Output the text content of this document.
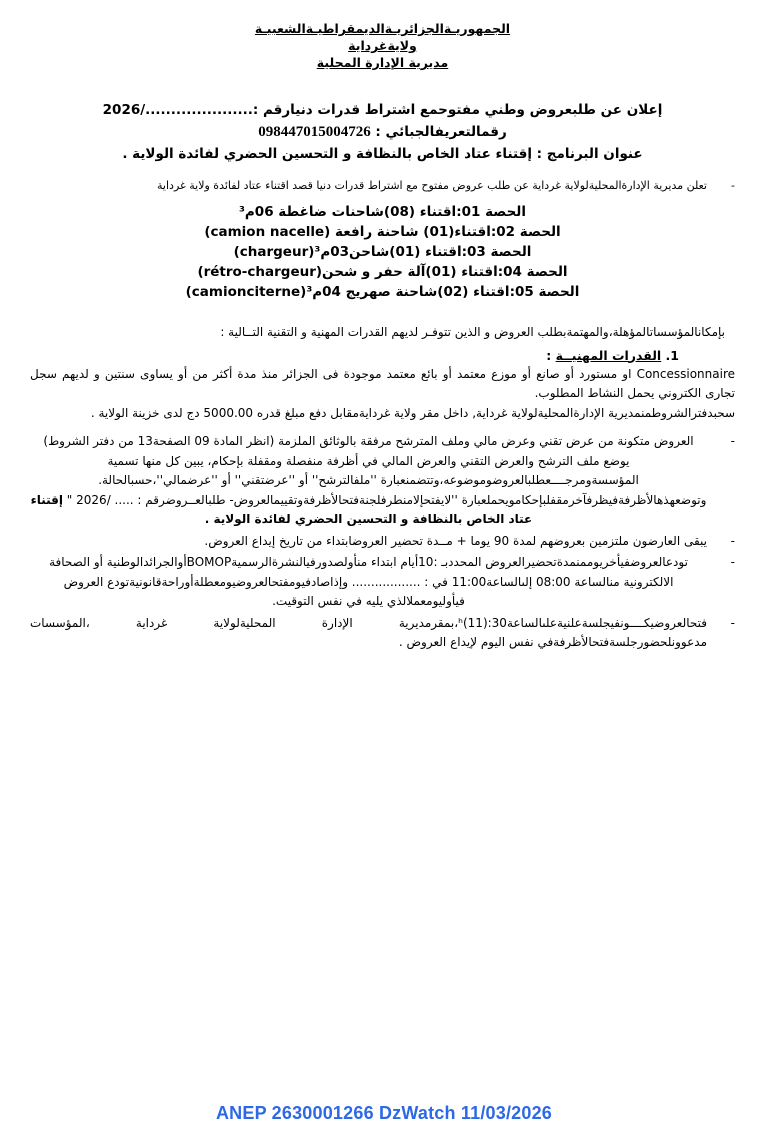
الجمهوريـةالجزائريـةالديمقراطيـةالشعبيـة
ولايةغرداية
مديرية الإدارة المحلية
إعلان عن طلبعروض وطني مفتوحمع اشتراط قدرات دنيارقم :...................../2026
رقمالتعريفالجبائي : 098447015004726
عنوان البرنامج : إقتناء عتاد الخاص بالنظافة و التحسين الحضري لفائدة الولاية .
-
تعلن مديرية الإدارةالمحليةلولاية غرداية عن طلب عروض مفتوح مع اشتراط قدرات دنيا قصد اقتناء عتاد لفائدة ولاية غرداية
الحصة 01:اقتناء (08)شاحنات ضاغطة 06م³
الحصة 02:اقتناء(01) شاحنة رافعة (camion nacelle)
الحصة 03:اقتناء (01)شاحن03م³(chargeur)
الحصة 04:اقتناء (01)آلة حفر و شحن(rétro-chargeur)
الحصة 05:اقتناء (02)شاحنة صهريج 04م³(camionciterne)
بإمكانالمؤسساتالمؤهلة،والمهتمةبطلب العروض و الذين تتوفـر لديهم القدرات المهنية و التقنية التــالية :
1. القدرات المهنيــة :
Concessionnaire او مستورد أو صانع أو موزع معتمد أو بائع معتمد موجودة فى الجزائر منذ مدة أكثر من أو يساوى سنتين و لديهم سجل تجارى الكتروني يحمل النشاط المطلوب.
سحبدفترالشروطمنمديرية الإدارةالمحليةلولاية غرداية, داخل مقر ولاية غردايةمقابل دفع مبلغ قدره 5000.00 دج لدى خزينة الولاية .
-
العروض متكونة من عرض تقني وعرض مالي وملف المترشح مرفقة بالوثائق الملزمة (انظر المادة 09 الصفحة13 من دفتر الشروط) يوضع ملف الترشح والعرض التقني والعرض المالي في أظرفة منفصلة ومقفلة بإحكام، يبين كل منها تسمية المؤسسةومرجــــعطلبالعروضوموضوعه،وتتضمنعبارة ''ملفالترشح'' أو ''عرضتقني'' أو ''عرضمالي''،حسبالحالة. وتوضعهذهالأظرفةفيظرفآخرمقفلبإحكامويحملعبارة ''لايفتحإلامنطرفلجنةفتحالأظرفةوتقييمالعروض- طلبالعــروضرقم : ..... /2026 " إقتناء عتاد الخاص بالنظافة و التحسين الحضري لفائدة الولاية .
-
يبقى العارضون ملتزمين بعروضهم لمدة 90 يوما + مــدة تحضير العروضابتداء من تاريخ إيداع العروض.
-
تودعالعروضفيأخريوممنمدةتحضيرالعروض المحددبـ :10أيام ابتداء منأولصدورفيالنشرةالرسميةBOMOPأوالجرائدالوطنية أو الصحافة الالكترونية منالساعة 08:00 إلىالساعة11:00 في : .................. وإذاصادفيومفتحالعروضيومعطلةأوراحةقانونيةتودع العروض فيأوليومعملالذي يليه في نفس التوقيت.
-
فتحالعروضيكــــونفيجلسةعلنيةعلىالساعة30:ʰ(11)،بمقرمديرية الإدارة المحليةلولاية غرداية ،المؤسسات مدعوونلحضورجلسةفتحالأظرفةفي نفس اليوم لإيداع العروض .
ANEP 2630001266 DzWatch 11/03/2026
